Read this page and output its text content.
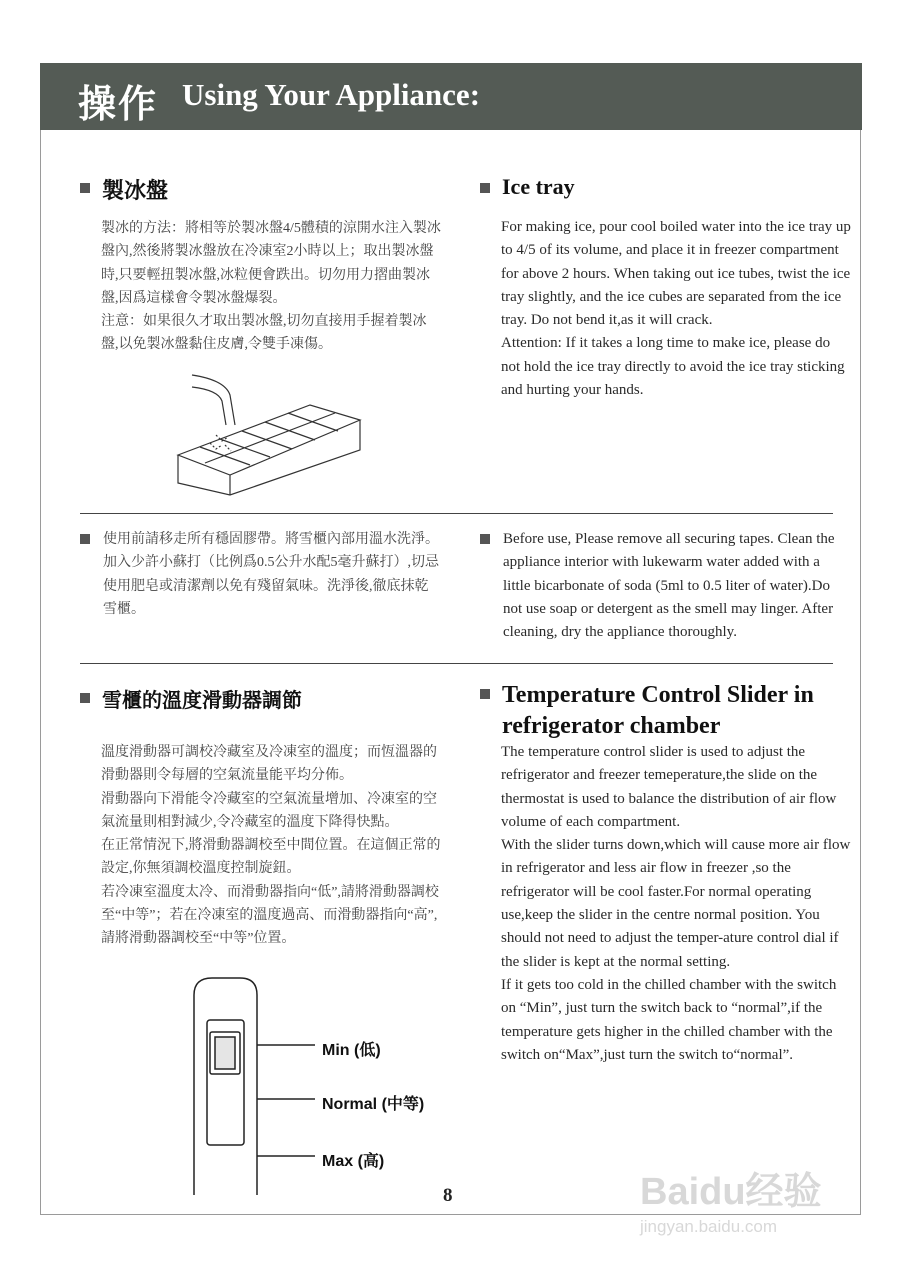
操作 Using Your Appliance:
製冰盤	Ice tray

製冰的方法：將相等於製冰盤4/5體積的涼開水注入製冰盤內,然後將製冰盤放在冷凍室2小時以上；取出製冰盤時,只要輕扭製冰盤,冰粒便會跌出。切勿用力摺曲製冰盤,因爲這樣會令製冰盤爆裂。

注意：如果很久才取出製冰盤,切勿直接用手握着製冰盤,以免製冰盤黏住皮膚,令雙手凍傷。

For making ice, pour cool boiled water into the ice tray up to 4/5 of its volume, and place it in freezer compartment for above 2 hours. When taking out ice tubes, twist the ice tray slightly, and the ice cubes are separated from the ice tray. Do not bend it,as it will crack.

Attention: If it takes a long time to make ice, please do not hold the ice tray directly to avoid the ice tray sticking and hurting your hands.

使用前請移走所有穩固膠帶。將雪櫃內部用溫水洗淨。加入少許小蘇打（比例爲0.5公升水配5毫升蘇打）,切忌使用肥皂或清潔劑以免有殘留氣味。洗淨後,徹底抹乾雪櫃。
Before use, Please remove all securing tapes. Clean the appliance interior with lukewarm water added with a little bicarbonate of soda (5ml to 0.5 liter of water).Do not use soap or detergent as the smell may linger. After cleaning, dry the appliance thoroughly.
雪櫃的溫度滑動器調節	Temperature Control Slider in refrigerator chamber

溫度滑動器可調校冷藏室及冷凍室的溫度；而恆溫器的滑動器則令每層的空氣流量能平均分佈。

滑動器向下滑能令冷藏室的空氣流量增加、冷凍室的空氣流量則相對減少,令冷藏室的溫度下降得快點。

在正常情況下,將滑動器調校至中間位置。在這個正常的設定,你無須調校溫度控制旋鈕。

若冷凍室溫度太冷、而滑動器指向“低”,請將滑動器調校至“中等”；若在冷凍室的溫度過高、而滑動器指向“高”,請將滑動器調校至“中等”位置。

The temperature control slider is used to adjust the refrigerator and freezer temeperature,the slide on the thermostat is used to balance the distribution of air flow volume of each compartment.

With the slider turns down,which will cause more air flow in refrigerator and less air flow in freezer ,so the refrigerator will be cool faster.For normal operating use,keep the slider in the centre normal position. You should not need to adjust the temper-ature control dial if the slider is kept at the normal setting.

If it gets too cold in the chilled chamber with the switch on “Min”, just turn the switch back to “normal”,if the temperature gets higher in the chilled chamber with the switch on“Max”,just turn the switch to“normal”.

Min (低)
Normal (中等)
Max (高)
8	Baidu经验
jingyan.baidu.com
